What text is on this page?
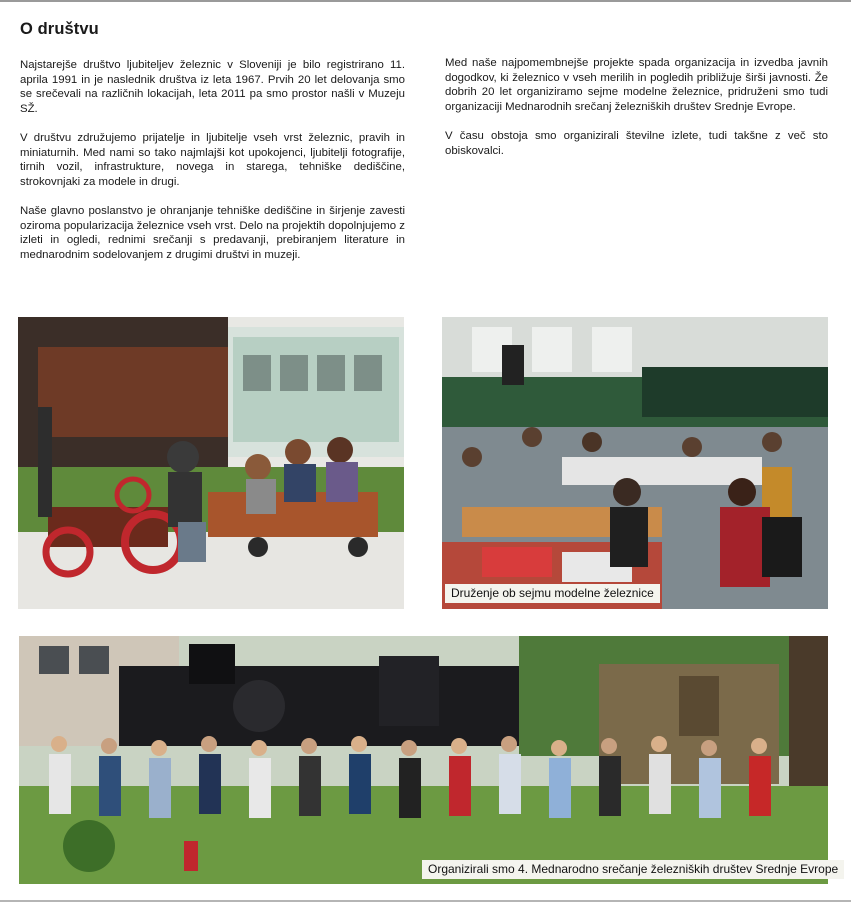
O društvu

Najstarejše društvo ljubiteljev železnic v Sloveniji je bilo registrirano 11. aprila 1991 in je naslednik društva iz leta 1967. Prvih 20 let delovanja smo se srečevali na različnih lokacijah, leta 2011 pa smo prostor našli v Muzeju SŽ.

V društvu združujemo prijatelje in ljubitelje vseh vrst železnic, pravih in miniaturnih. Med nami so tako najmlajši kot upokojenci, ljubitelji fotografije, tirnih vozil, infrastrukture, novega in starega, tehniške dediščine, strokovnjaki za modele in drugi.

Naše glavno poslanstvo je ohranjanje tehniške dediščine in širjenje zavesti oziroma popularizacija železnice vseh vrst. Delo na projektih dopolnjujemo z izleti in ogledi, rednimi srečanji s predavanji, prebiranjem literature in mednarodnim sodelovanjem z drugimi društvi in muzeji.

Med naše najpomembnejše projekte spada organizacija in izvedba javnih dogodkov, ki železnico v vseh merilih in pogledih približuje širši javnosti. Že dobrih 20 let organiziramo sejme modelne železnice, pridruženi smo tudi organizaciji Mednarodnih srečanj železniških društev Srednje Evrope.

V času obstoja smo organizirali številne izlete, tudi takšne z več sto obiskovalci.

Druženje ob sejmu modelne železnice
Organizirali smo 4. Mednarodno srečanje železniških društev Srednje Evrope
